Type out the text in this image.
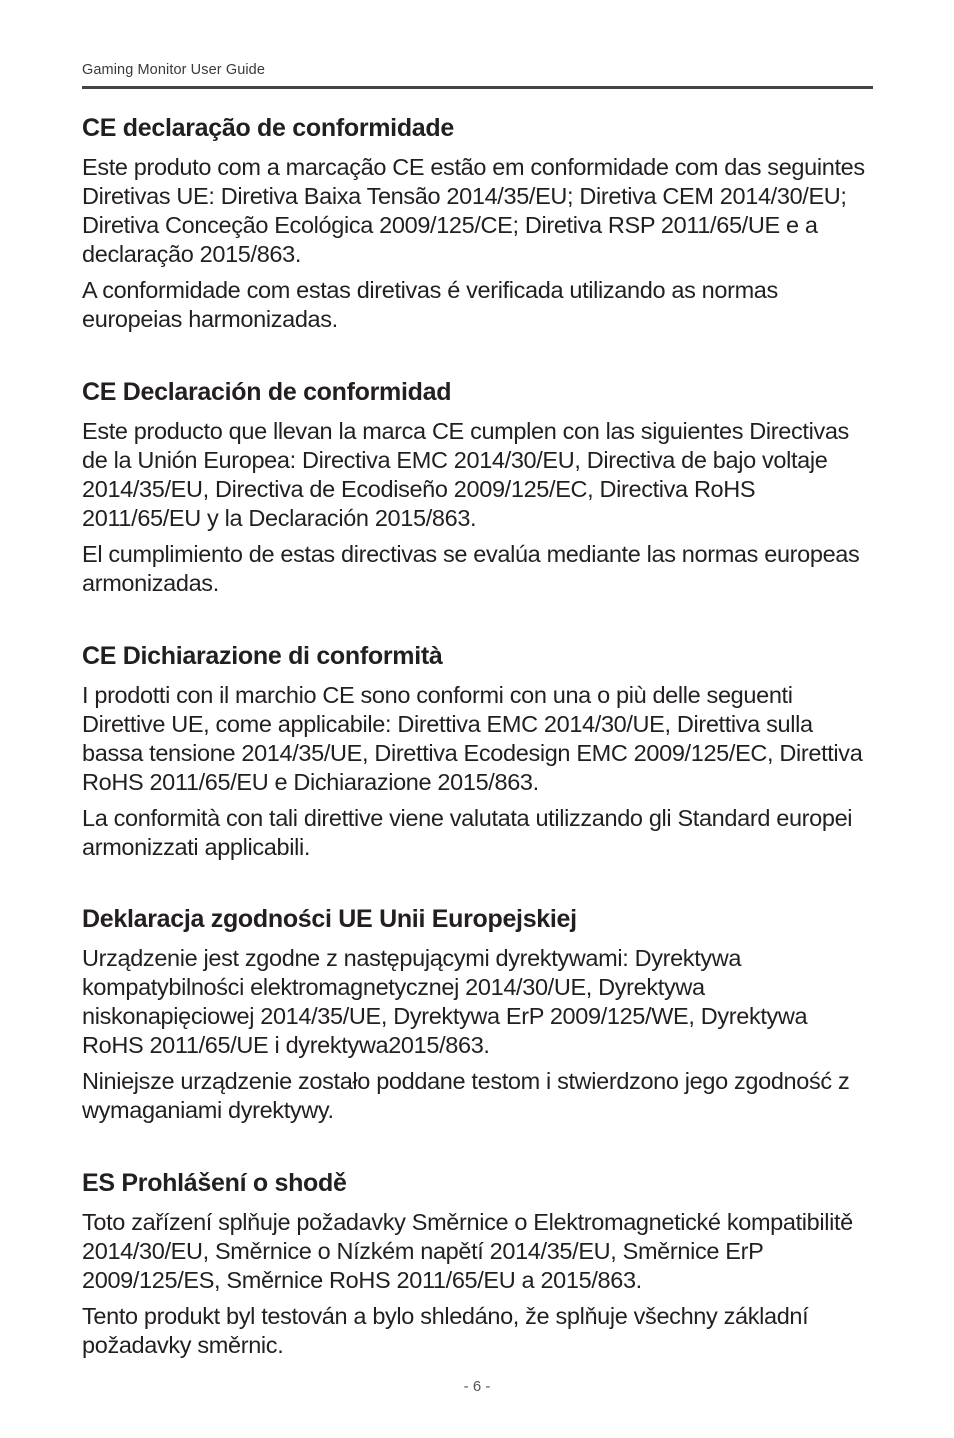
Gaming Monitor User Guide
CE declaração de conformidade

Este produto com a marcação CE estão em conformidade com das seguintes Diretivas UE: Diretiva Baixa Tensão 2014/35/EU; Diretiva CEM 2014/30/EU; Diretiva Conceção Ecológica 2009/125/CE; Diretiva RSP 2011/65/UE e a declaração 2015/863.

A conformidade com estas diretivas é verificada utilizando as normas europeias harmonizadas.

CE Declaración de conformidad

Este producto que llevan la marca CE cumplen con las siguientes Directivas de la Unión Europea: Directiva EMC 2014/30/EU, Directiva de bajo voltaje 2014/35/EU, Directiva de Ecodiseño 2009/125/EC, Directiva RoHS 2011/65/EU y la Declaración 2015/863.

El cumplimiento de estas directivas se evalúa mediante las normas europeas armonizadas.

CE Dichiarazione di conformità

I prodotti con il marchio CE sono conformi con una o più delle seguenti Direttive UE, come applicabile: Direttiva EMC 2014/30/UE, Direttiva sulla bassa tensione 2014/35/UE, Direttiva Ecodesign EMC 2009/125/EC, Direttiva RoHS 2011/65/EU e Dichiarazione 2015/863.

La conformità con tali direttive viene valutata utilizzando gli Standard europei armonizzati applicabili.

Deklaracja zgodności UE Unii Europejskiej

Urządzenie jest zgodne z następującymi dyrektywami: Dyrektywa kompatybilności elektromagnetycznej 2014/30/UE, Dyrektywa niskonapięciowej 2014/35/UE, Dyrektywa ErP 2009/125/WE, Dyrektywa RoHS 2011/65/UE i dyrektywa2015/863.

Niniejsze urządzenie zostało poddane testom i stwierdzono jego zgodność z wymaganiami dyrektywy.

ES Prohlášení o shodě

Toto zařízení splňuje požadavky Směrnice o Elektromagnetické kompatibilitě 2014/30/EU, Směrnice o Nízkém napětí 2014/35/EU, Směrnice ErP 2009/125/ES, Směrnice RoHS 2011/65/EU a 2015/863.

Tento produkt byl testován a bylo shledáno, že splňuje všechny základní požadavky směrnic.

- 6 -
